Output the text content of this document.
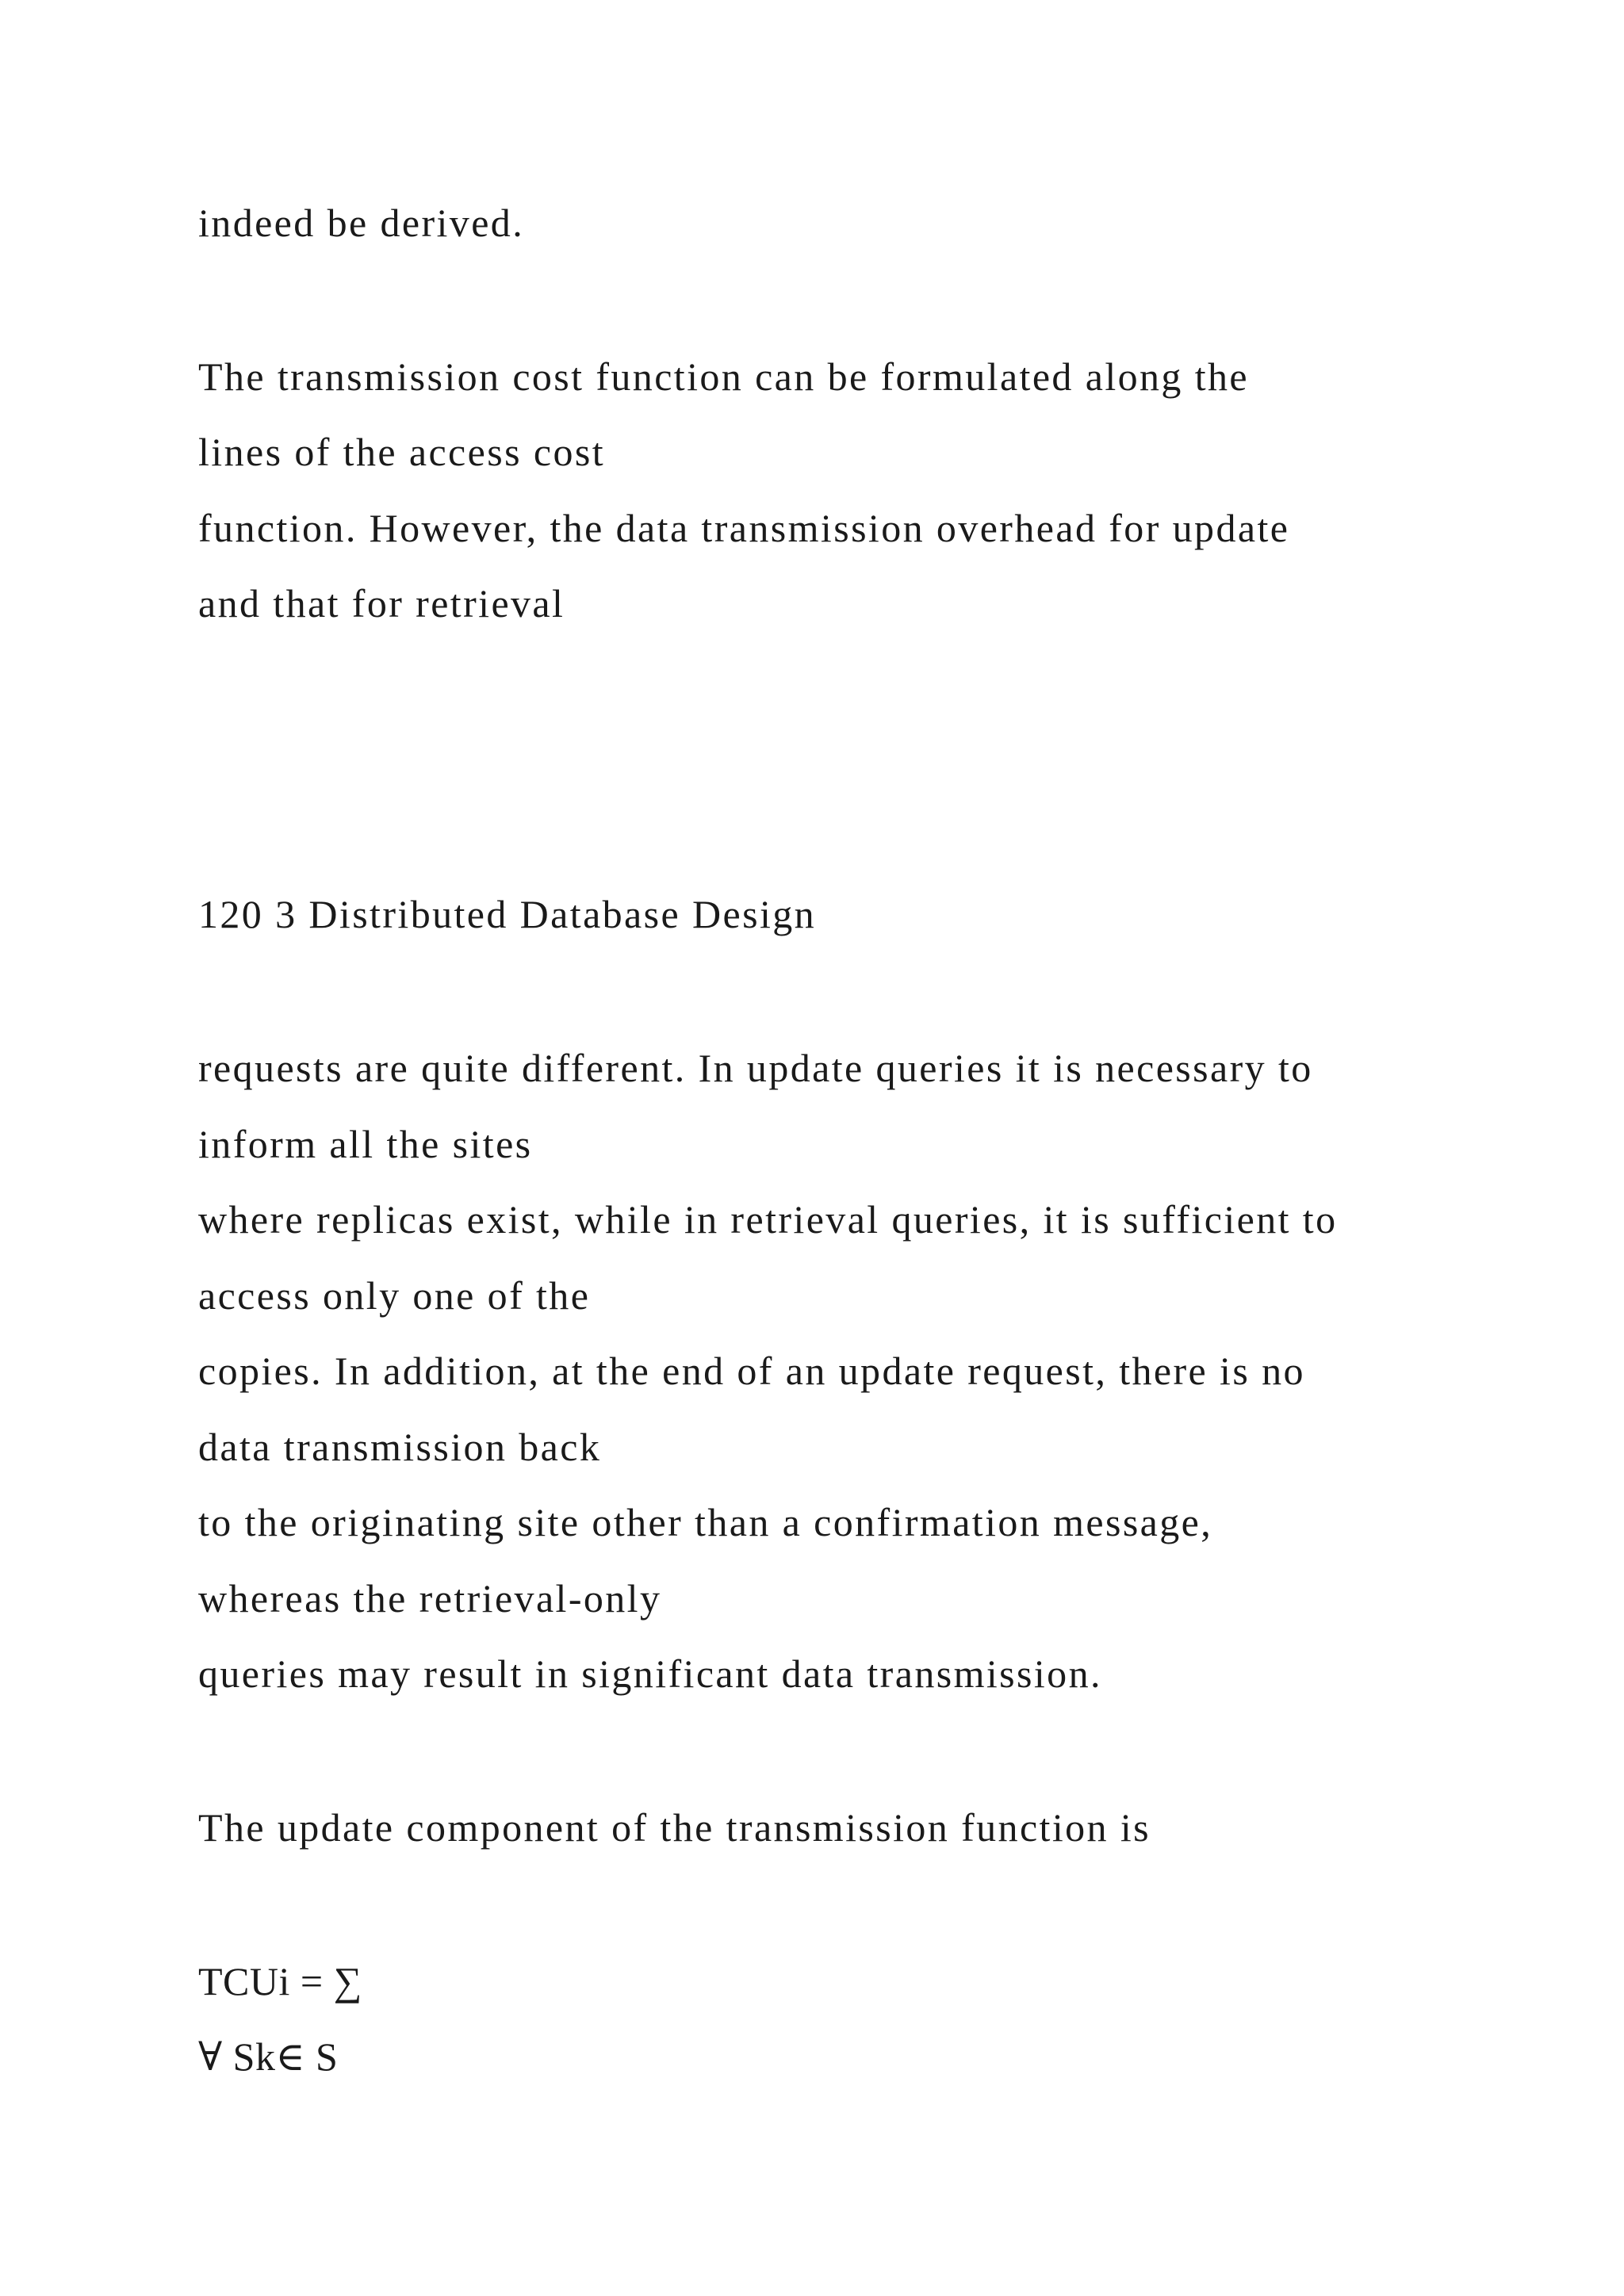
indeed be derived.

The transmission cost function can be formulated along the

lines of the access cost

function. However, the data transmission overhead for update

and that for retrieval

120 3 Distributed Database Design

requests are quite different. In update queries it is necessary to

inform all the sites

where replicas exist, while in retrieval queries, it is sufficient to

access only one of the

copies. In addition, at the end of an update request, there is no

data transmission back

to the originating site other than a confirmation message,

whereas the retrieval-only

queries may result in significant data transmission.

The update component of the transmission function is

TCUi = ∑

∀ Sk∈ S
